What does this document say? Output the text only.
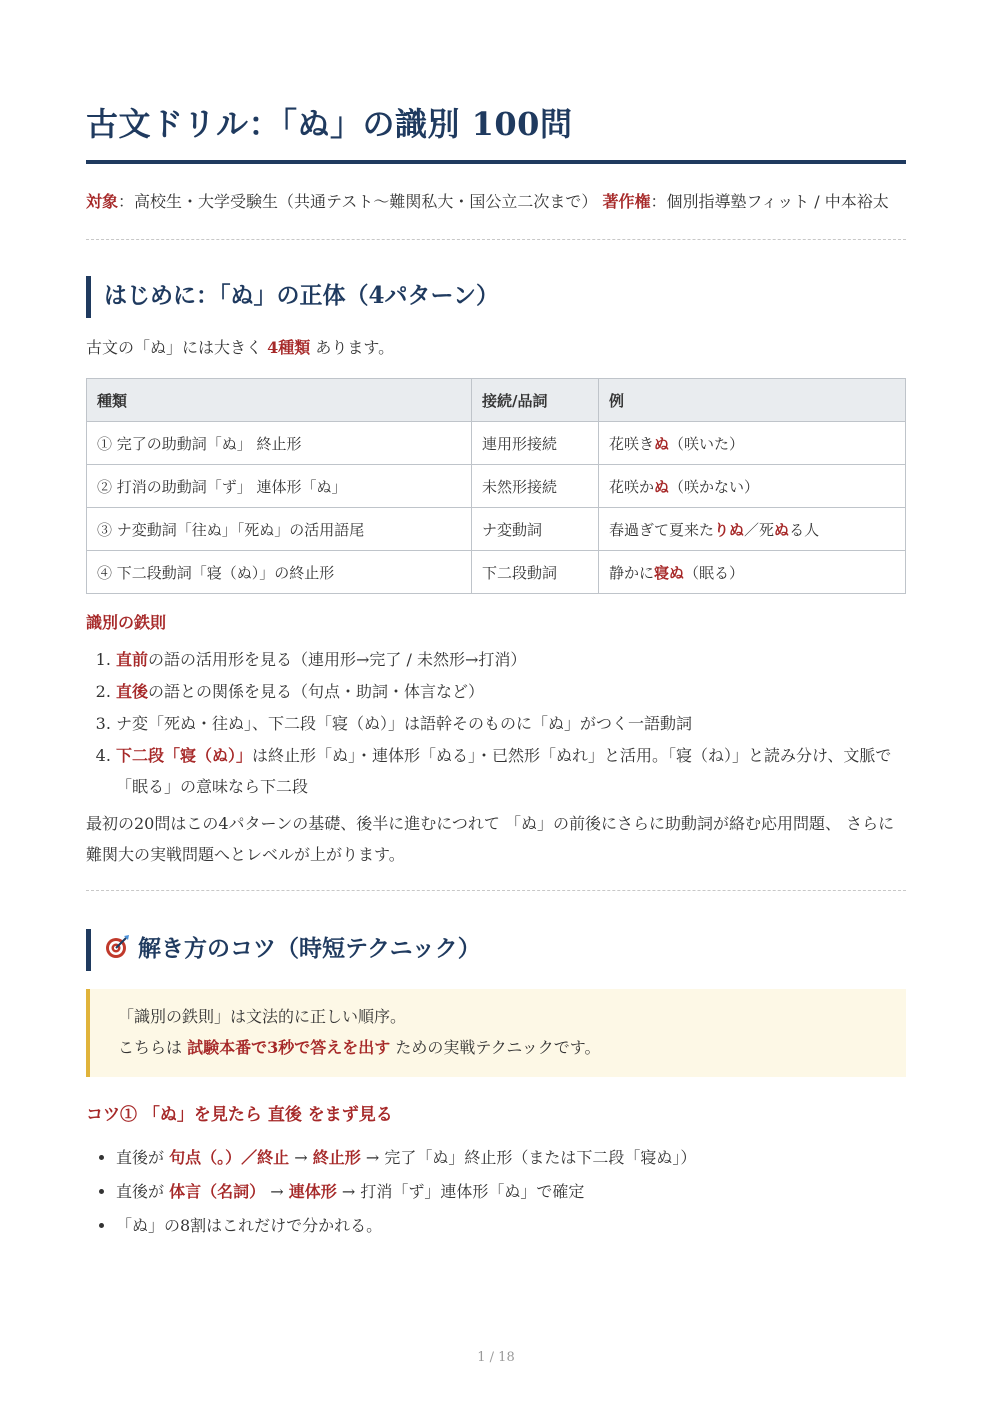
古文ドリル：「ぬ」の識別 100問

対象：高校生・大学受験生（共通テスト〜難関私大・国公立二次まで） 著作権：個別指導塾フィット / 中本裕太

はじめに：「ぬ」の正体（4パターン）

古文の「ぬ」には大きく 4種類 あります。

種類	接続/品詞	例
① 完了の助動詞「ぬ」 終止形	連用形接続	花咲きぬ（咲いた）
② 打消の助動詞「ず」 連体形「ぬ」	未然形接続	花咲かぬ（咲かない）
③ ナ変動詞「往ぬ」「死ぬ」の活用語尾	ナ変動詞	春過ぎて夏来たりぬ／死ぬる人
④ 下二段動詞「寝（ぬ）」の終止形	下二段動詞	静かに寝ぬ（眠る）
識別の鉄則
1. 直前の語の活用形を見る（連用形→完了 / 未然形→打消）
2. 直後の語との関係を見る（句点・助詞・体言など）
3. ナ変「死ぬ・往ぬ」、下二段「寝（ぬ）」は語幹そのものに「ぬ」がつく一語動詞
4. 下二段「寝（ぬ）」は終止形「ぬ」・連体形「ぬる」・已然形「ぬれ」と活用。「寝（ね）」と読み分け、文脈で「眠る」の意味なら下二段

最初の20問はこの4パターンの基礎、後半に進むにつれて 「ぬ」の前後にさらに助動詞が絡む応用問題、 さらに難関大の実戦問題へとレベルが上がります。

解き方のコツ（時短テクニック）
「識別の鉄則」は文法的に正しい順序。
こちらは 試験本番で3秒で答えを出す ための実戦テクニックです。
コツ① 「ぬ」を見たら 直後 をまず見る
• 直後が 句点（。）／終止 → 終止形 → 完了「ぬ」終止形（または下二段「寝ぬ」）
• 直後が 体言（名詞） → 連体形 → 打消「ず」連体形「ぬ」で確定
• 「ぬ」の8割はこれだけで分かれる。
1 / 18
